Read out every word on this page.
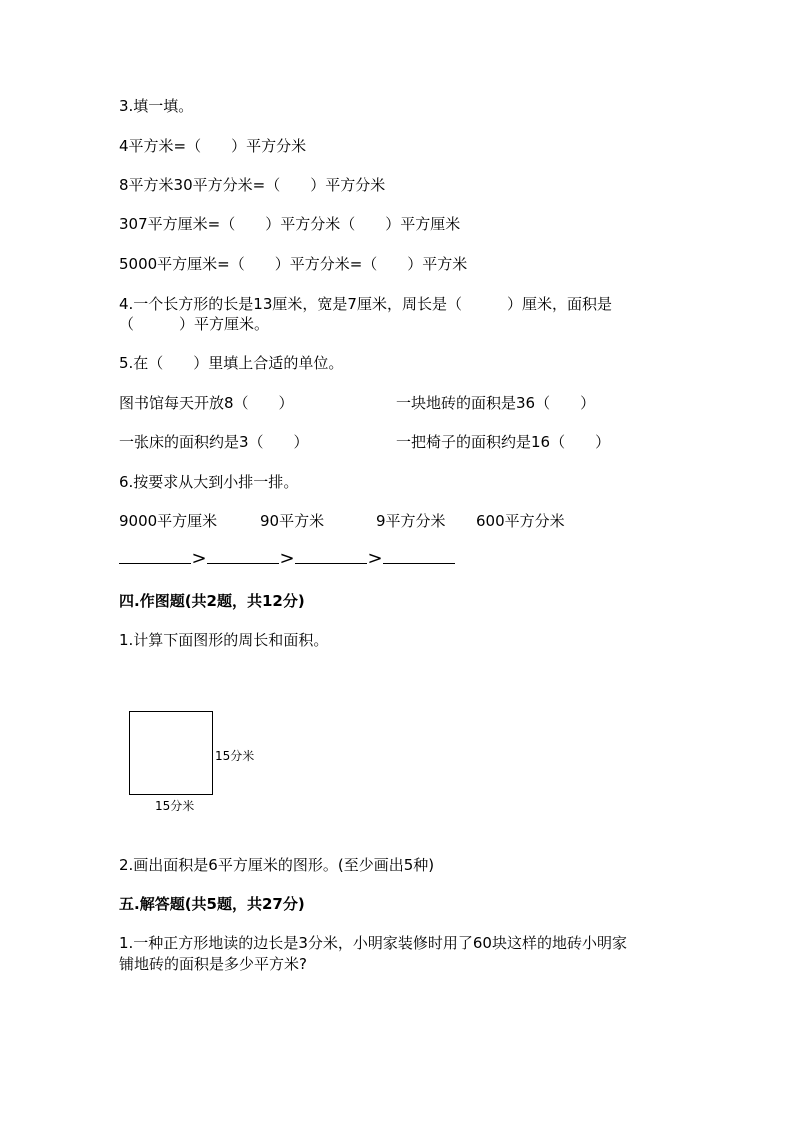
3.填一填。
4平方米=（　　）平方分米
8平方米30平方分米=（　　）平方分米
307平方厘米=（　　）平方分米（　　）平方厘米
5000平方厘米=（　　）平方分米=（　　）平方米
4.一个长方形的长是13厘米，宽是7厘米，周长是（　　　）厘米，面积是
（　　　）平方厘米。
5.在（　　）里填上合适的单位。
图书馆每天开放8（　　）	一块地砖的面积是36（　　）
一张床的面积约是3（　　）	一把椅子的面积约是16（　　）
6.按要求从大到小排一排。
9000平方厘米	90平方米	9平方分米 600平方分米
>	>	>
四.作图题(共2题，共12分)
1.计算下面图形的周长和面积。
15分米
15分米
2.画出面积是6平方厘米的图形。(至少画出5种)
五.解答题(共5题，共27分)
1.一种正方形地读的边长是3分米，小明家装修时用了60块这样的地砖小明家
铺地砖的面积是多少平方米?
